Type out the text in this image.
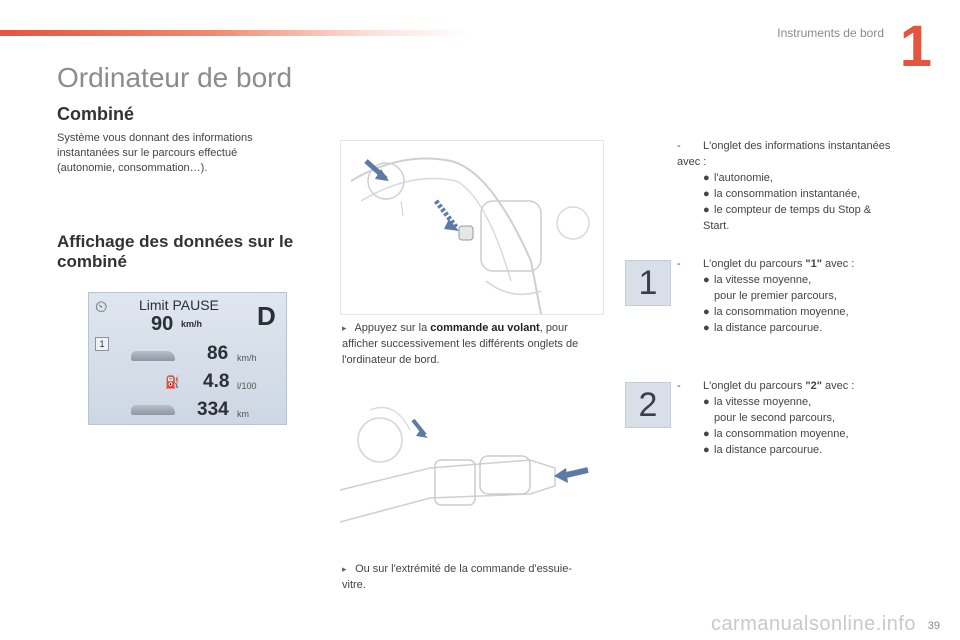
Instruments de bord 1
Ordinateur de bord
Combiné
Système vous donnant des informations instantanées sur le parcours effectué (autonomie, consommation…).
Affichage des données sur le combiné
⏲ Limit PAUSE
90 km/h D
1	86 km/h
⛽ 4.8 l/100
334 km
▸ Appuyez sur la commande au volant, pour afficher successivement les différents onglets de l'ordinateur de bord.
▸ Ou sur l'extrémité de la commande d'essuie-vitre.
- L'onglet des informations instantanées avec :
● l'autonomie,
● la consommation instantanée,
● le compteur de temps du Stop & Start.
1	- L'onglet du parcours "1" avec :
● la vitesse moyenne,
pour le premier parcours,
● la consommation moyenne,
● la distance parcourue.
2	- L'onglet du parcours "2" avec :
● la vitesse moyenne,
pour le second parcours,
● la consommation moyenne,
● la distance parcourue.
carmanualsonline.info 39
